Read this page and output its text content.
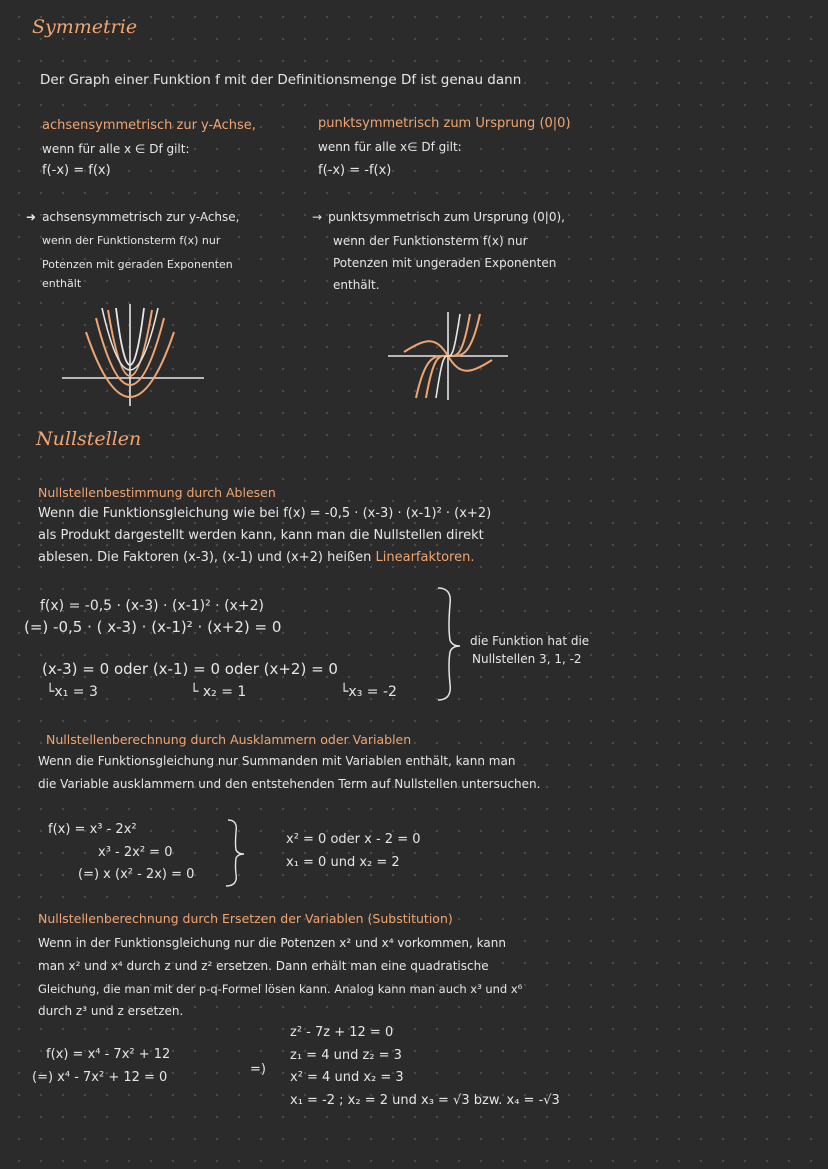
Symmetrie
Der Graph einer Funktion f mit der Definitionsmenge Df ist genau dann
achsensymmetrisch zur y-Achse,
wenn für alle x ∈ Df gilt:
f(-x) = f(x)
punktsymmetrisch zum Ursprung (0|0)
wenn für alle x∈ Df gilt:
f(-x) = -f(x)
➜ achsensymmetrisch zur y-Achse,
wenn der Funktionsterm f(x) nur
Potenzen mit geraden Exponenten
enthält
→ punktsymmetrisch zum Ursprung (0|0),
wenn der Funktionsterm f(x) nur
Potenzen mit ungeraden Exponenten
enthält.
Nullstellen
Nullstellenbestimmung durch Ablesen
Wenn die Funktionsgleichung wie bei f(x) = -0,5 · (x-3) · (x-1)² · (x+2)
als Produkt dargestellt werden kann, kann man die Nullstellen direkt
ablesen. Die Faktoren (x-3), (x-1) und (x+2) heißen Linearfaktoren.
f(x) = -0,5 · (x-3) · (x-1)² · (x+2)
(=) -0,5 · ( x-3) · (x-1)² · (x+2) = 0
(x-3) = 0 oder (x-1) = 0 oder (x+2) = 0
└x₁ = 3	└ x₂ = 1	└x₃ = -2
die Funktion hat die
Nullstellen 3, 1, -2
Nullstellenberechnung durch Ausklammern oder Variablen
Wenn die Funktionsgleichung nur Summanden mit Variablen enthält, kann man
die Variable ausklammern und den entstehenden Term auf Nullstellen untersuchen.
f(x) = x³ - 2x²
x³ - 2x² = 0
(=) x (x² - 2x) = 0
x² = 0 oder x - 2 = 0
x₁ = 0 und x₂ = 2
Nullstellenberechnung durch Ersetzen der Variablen (Substitution)
Wenn in der Funktionsgleichung nur die Potenzen x² und x⁴ vorkommen, kann
man x² und x⁴ durch z und z² ersetzen. Dann erhält man eine quadratische
Gleichung, die man mit der p-q-Formel lösen kann. Analog kann man auch x³ und x⁶
durch z³ und z ersetzen.
f(x) = x⁴ - 7x² + 12
(=) x⁴ - 7x² + 12 = 0
=)
z² - 7z + 12 = 0
z₁ = 4 und z₂ = 3
x² = 4 und x₂ = 3
x₁ = -2 ; x₂ = 2 und x₃ = √3 bzw. x₄ = -√3
